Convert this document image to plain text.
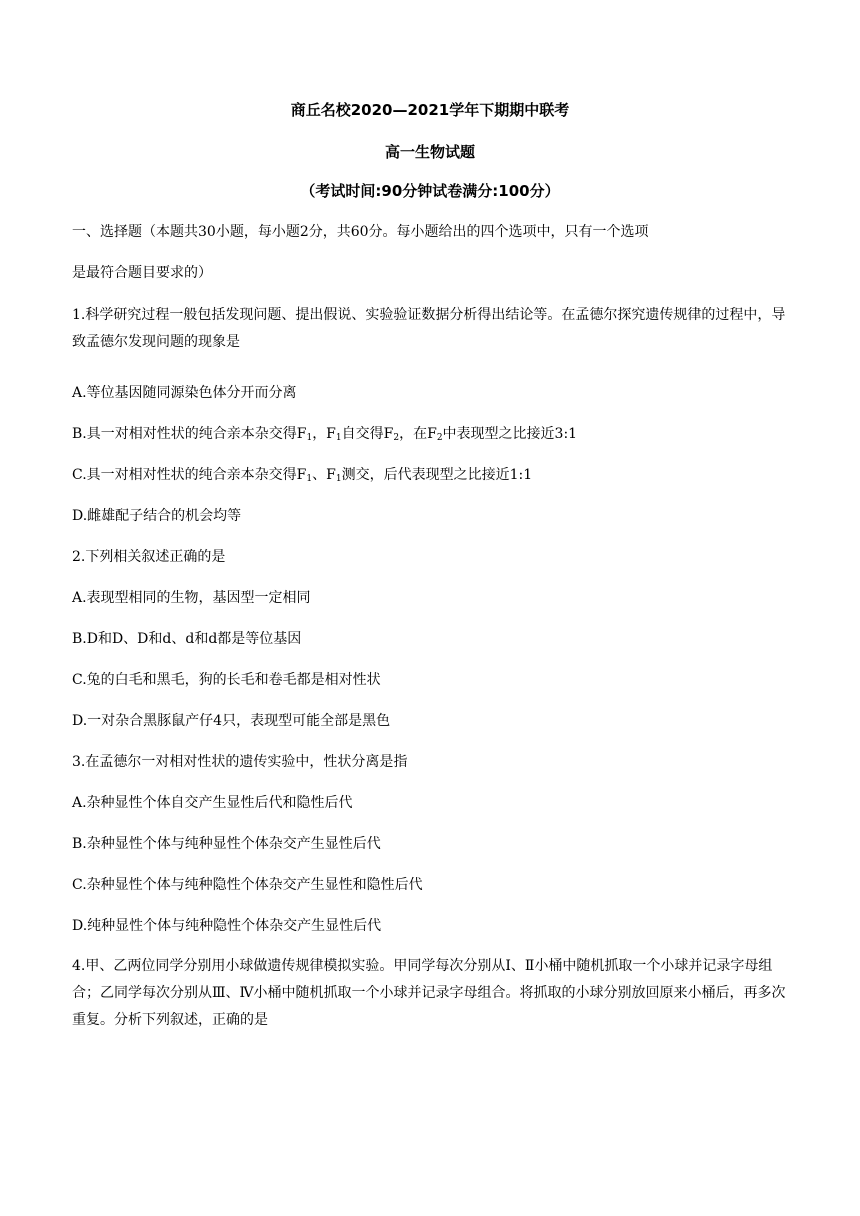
商丘名校2020—2021学年下期期中联考
高一生物试题
（考试时间:90分钟试卷满分:100分）
一、选择题（本题共30小题，每小题2分，共60分。每小题给出的四个选项中，只有一个选项
是最符合题目要求的）
1.科学研究过程一般包括发现问题、提出假说、实验验证数据分析得出结论等。在孟德尔探究遗传规律的过程中，导致孟德尔发现问题的现象是
A.等位基因随同源染色体分开而分离
B.具一对相对性状的纯合亲本杂交得$F_1$，$F_1$自交得$F_2$，在$F_2$中表现型之比接近3:1
C.具一对相对性状的纯合亲本杂交得$F_1$、$F_1$测交，后代表现型之比接近1:1
D.雌雄配子结合的机会均等
2.下列相关叙述正确的是
A.表现型相同的生物，基因型一定相同
B.D和D、D和d、d和d都是等位基因
C.兔的白毛和黑毛，狗的长毛和卷毛都是相对性状
D.一对杂合黑豚鼠产仔4只，表现型可能全部是黑色
3.在孟德尔一对相对性状的遗传实验中，性状分离是指
A.杂种显性个体自交产生显性后代和隐性后代
B.杂种显性个体与纯种显性个体杂交产生显性后代
C.杂种显性个体与纯种隐性个体杂交产生显性和隐性后代
D.纯种显性个体与纯种隐性个体杂交产生显性后代
4.甲、乙两位同学分别用小球做遗传规律模拟实验。甲同学每次分别从Ⅰ、Ⅱ小桶中随机抓取一个小球并记录字母组合；乙同学每次分别从Ⅲ、Ⅳ小桶中随机抓取一个小球并记录字母组合。将抓取的小球分别放回原来小桶后，再多次重复。分析下列叙述，正确的是
